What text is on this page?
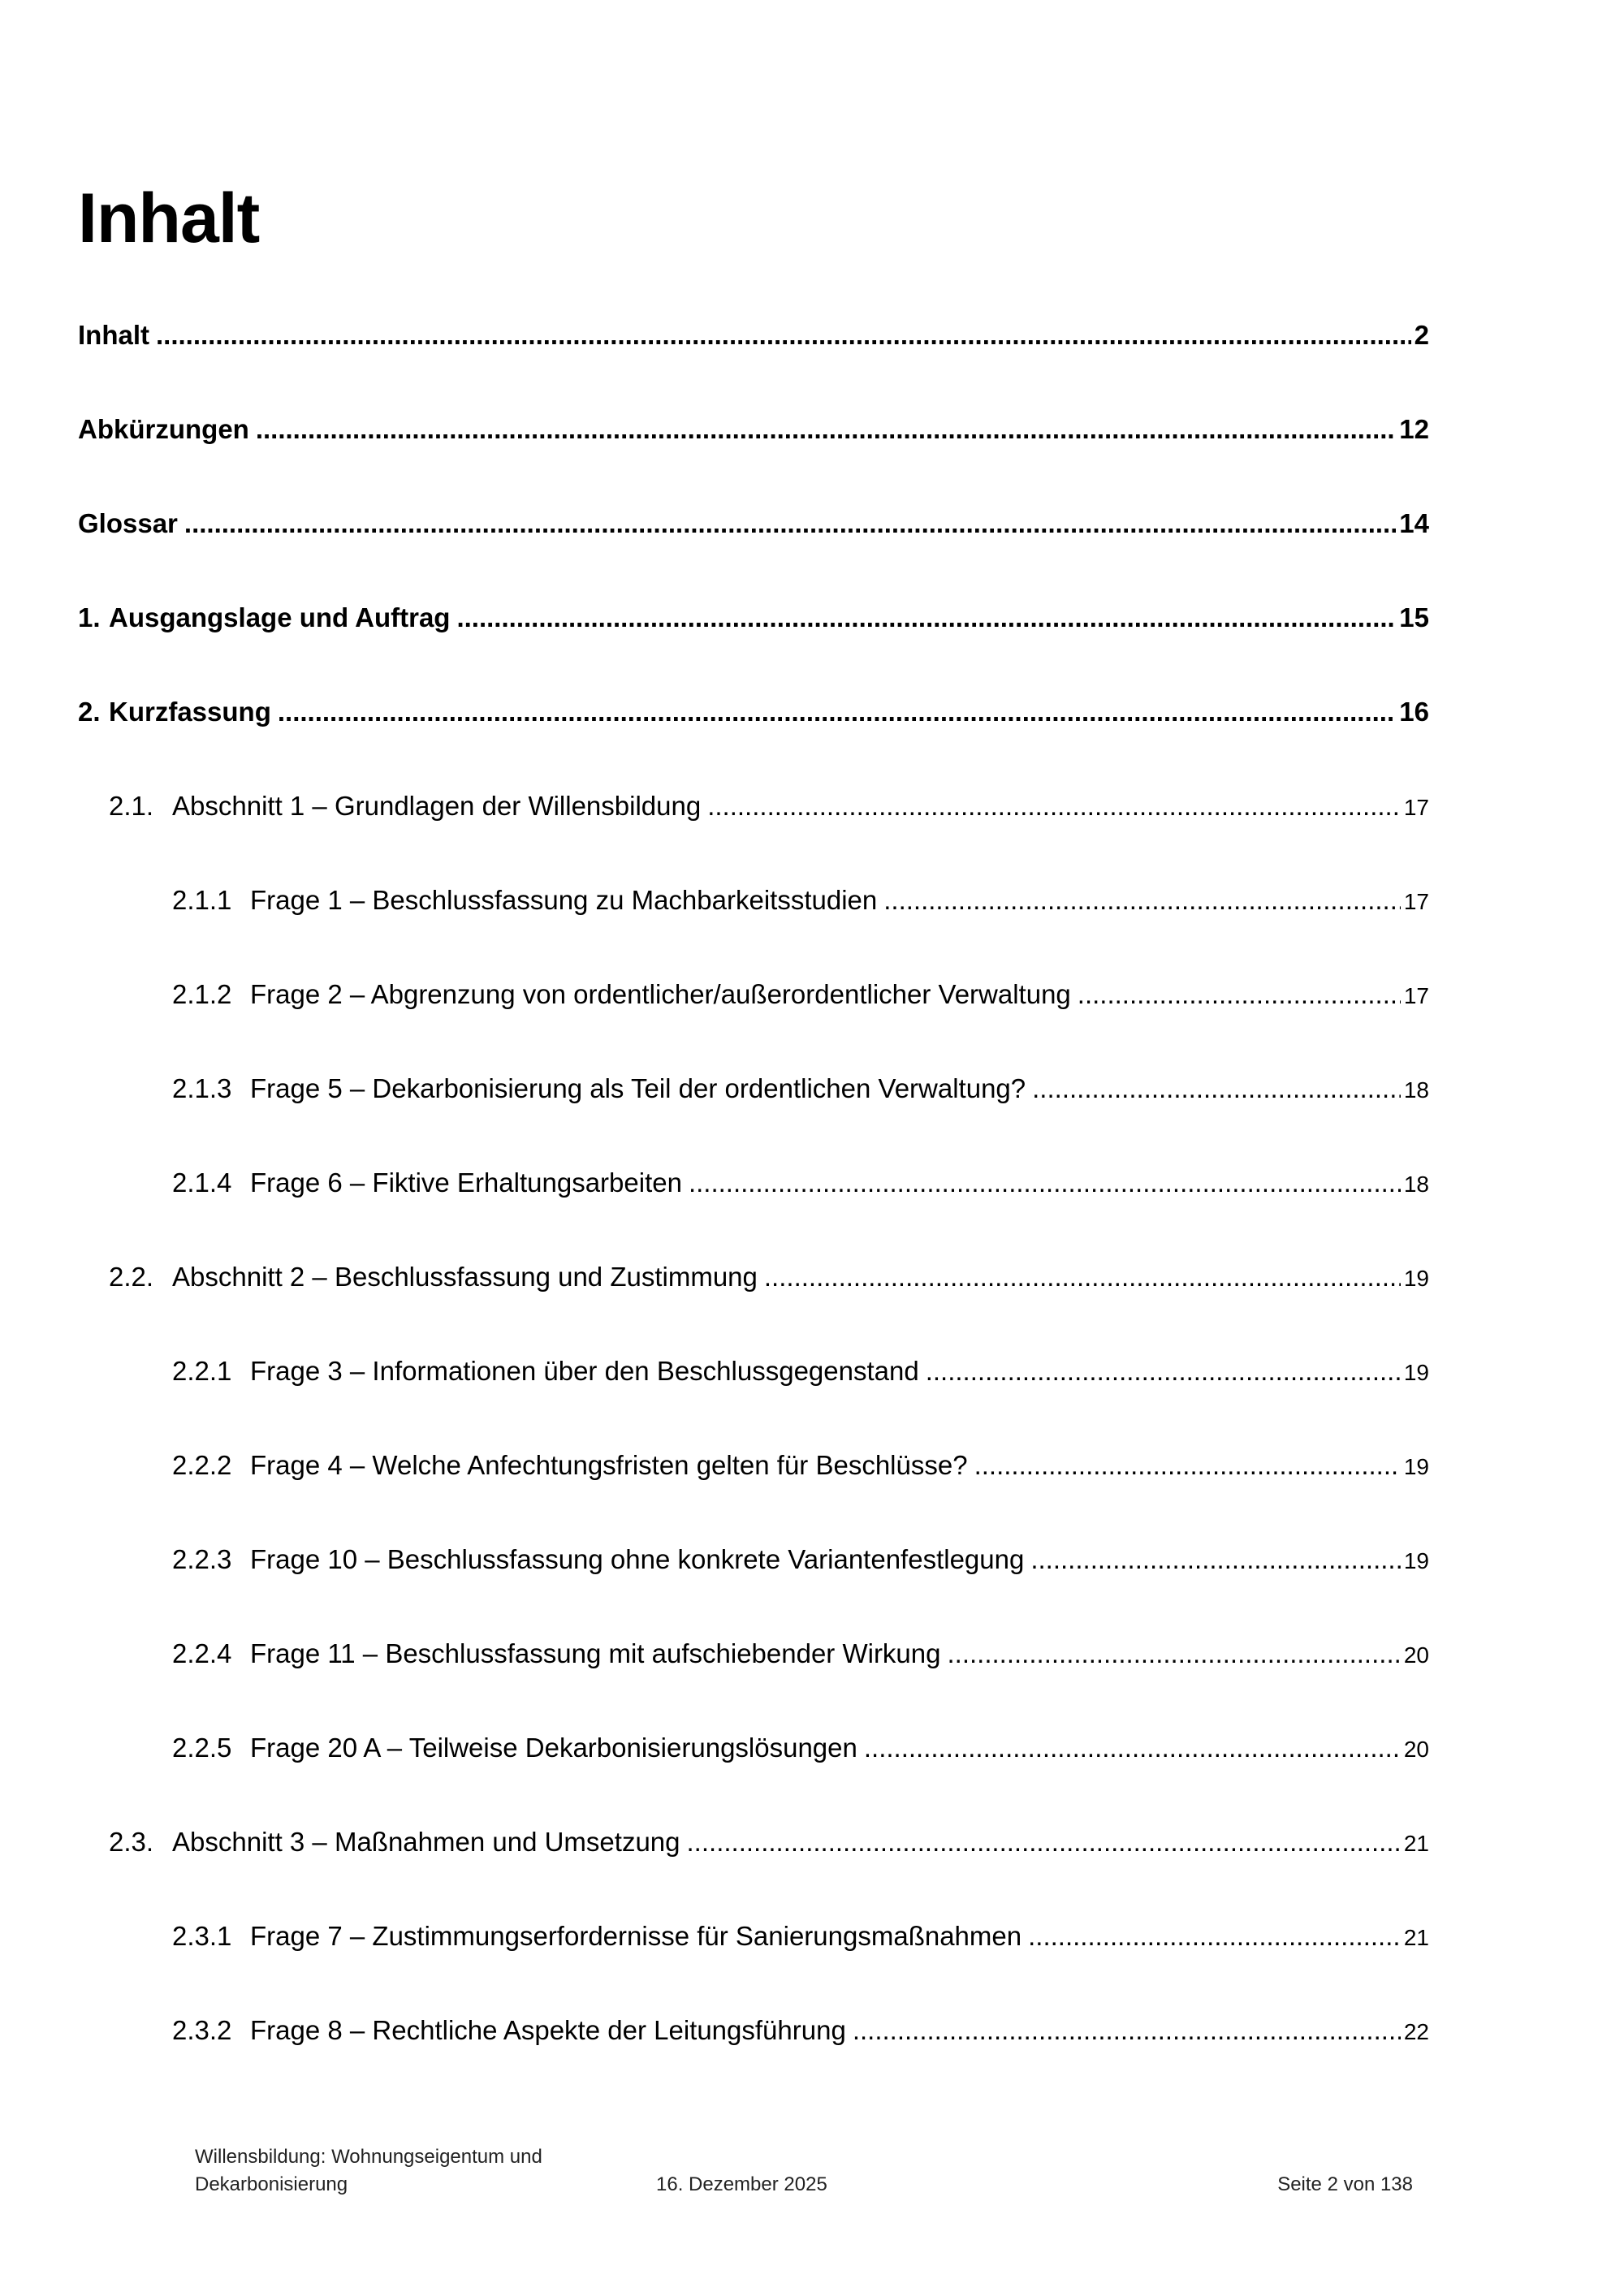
Inhalt
Inhalt .....	2
Abkürzungen .....	12
Glossar .....	14
1. Ausgangslage und Auftrag .....	15
2. Kurzfassung .....	16
2.1. Abschnitt 1 – Grundlagen der Willensbildung .....	17
2.1.1 Frage 1 – Beschlussfassung zu Machbarkeitsstudien .....	17
2.1.2 Frage 2 – Abgrenzung von ordentlicher/außerordentlicher Verwaltung .....	17
2.1.3 Frage 5 – Dekarbonisierung als Teil der ordentlichen Verwaltung? .....	18
2.1.4 Frage 6 – Fiktive Erhaltungsarbeiten .....	18
2.2. Abschnitt 2 – Beschlussfassung und Zustimmung .....	19
2.2.1 Frage 3 – Informationen über den Beschlussgegenstand .....	19
2.2.2 Frage 4 – Welche Anfechtungsfristen gelten für Beschlüsse? .....	19
2.2.3 Frage 10 – Beschlussfassung ohne konkrete Variantenfestlegung .....	19
2.2.4 Frage 11 – Beschlussfassung mit aufschiebender Wirkung .....	20
2.2.5 Frage 20 A – Teilweise Dekarbonisierungslösungen .....	20
2.3. Abschnitt 3 – Maßnahmen und Umsetzung .....	21
2.3.1 Frage 7 – Zustimmungserfordernisse für Sanierungsmaßnahmen .....	21
2.3.2 Frage 8 – Rechtliche Aspekte der Leitungsführung .....	22
Willensbildung: Wohnungseigentum und
Dekarbonisierung	16. Dezember 2025	Seite 2 von 138
